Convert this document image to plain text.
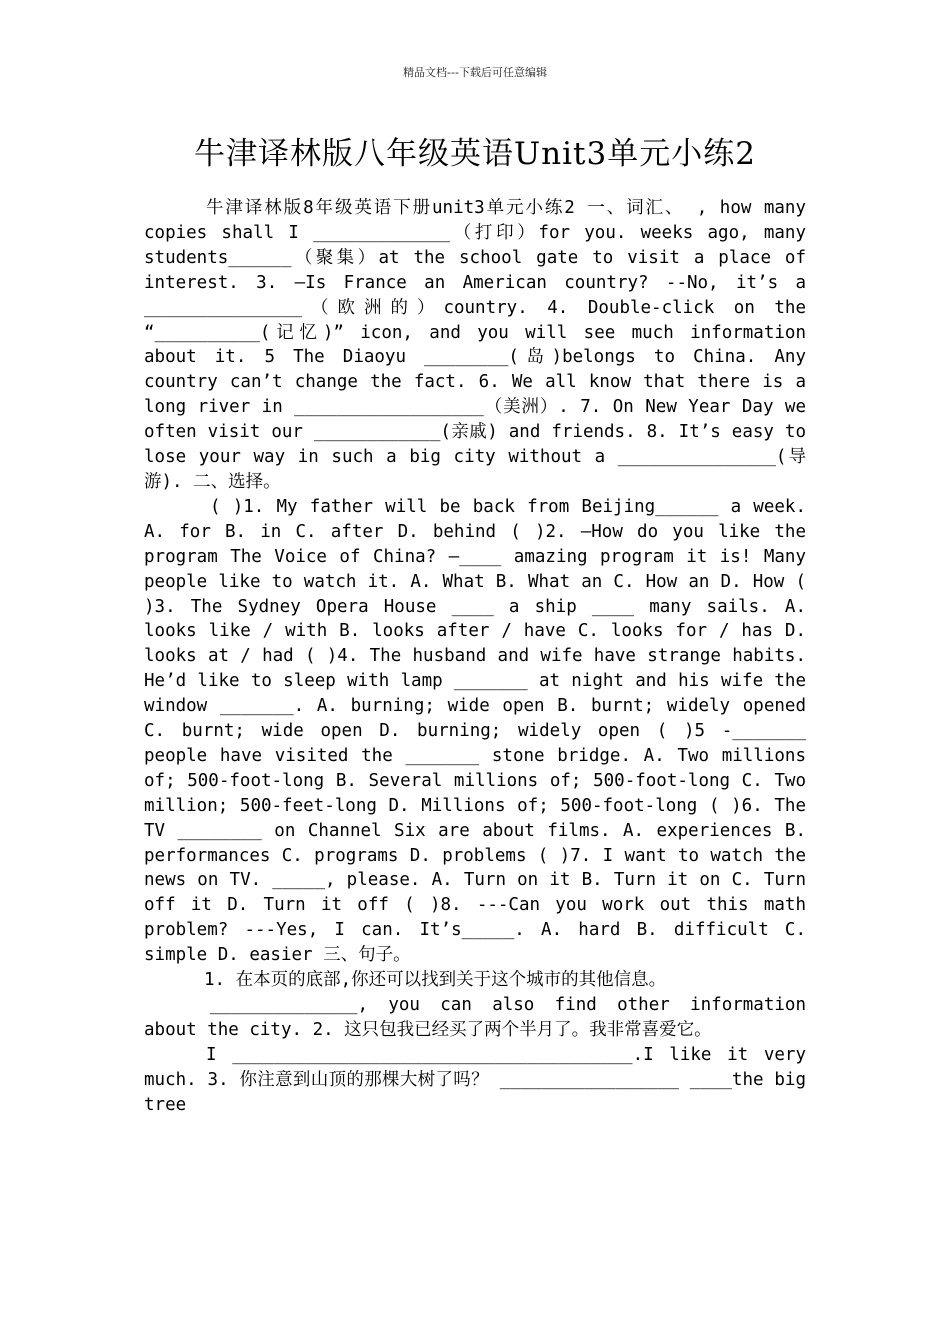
精品文档---下载后可任意编辑
牛津译林版八年级英语Unit3单元小练2

牛津译林版8年级英语下册unit3单元小练2 一、词汇、 , how many copies shall I _____________（打印）for you. weeks ago, many students______（聚集）at the school gate to visit a place of interest. 3. –Is France an American country? --No, it’s a _______________（欧洲的）country. 4. Double-click on the “__________(记忆)” icon, and you will see much information about it. 5 The Diaoyu ________(岛)belongs to China. Any country can’t change the fact. 6. We all know that there is a long river in __________________（美洲）. 7. On New Year Day we often visit our ____________(亲戚) and friends. 8. It’s easy to lose your way in such a big city without a _______________(导游). 二、选择。

( )1. My father will be back from Beijing______ a week. A. for B. in C. after D. behind ( )2. —How do you like the program The Voice of China? —____ amazing program it is! Many people like to watch it. A. What B. What an C. How an D. How ( )3. The Sydney Opera House ____ a ship ____ many sails. A. looks like / with B. looks after / have C. looks for / has D. looks at / had ( )4. The husband and wife have strange habits. He’d like to sleep with lamp _______ at night and his wife the window _______. A. burning; wide open B. burnt; widely opened C. burnt; wide open D. burning; widely open ( )5 -_______ people have visited the _______ stone bridge. A. Two millions of; 500-foot-long B. Several millions of; 500-foot-long C. Two million; 500-feet-long D. Millions of; 500-foot-long ( )6. The TV ________ on Channel Six are about films. A. experiences B. performances C. programs D. problems ( )7. I want to watch the news on TV. _____, please. A. Turn on it B. Turn it on C. Turn off it D. Turn it off ( )8. ---Can you work out this math problem? ---Yes, I can. It’s_____. A. hard B. difficult C. simple D. easier 三、句子。

1. 在本页的底部,你还可以找到关于这个城市的其他信息。

______________, you can also find other information about the city. 2. 这只包我已经买了两个半月了。我非常喜爱它。

I ______________________________________.I like it very much. 3. 你注意到山顶的那棵大树了吗？ _________________ ____the big tree
